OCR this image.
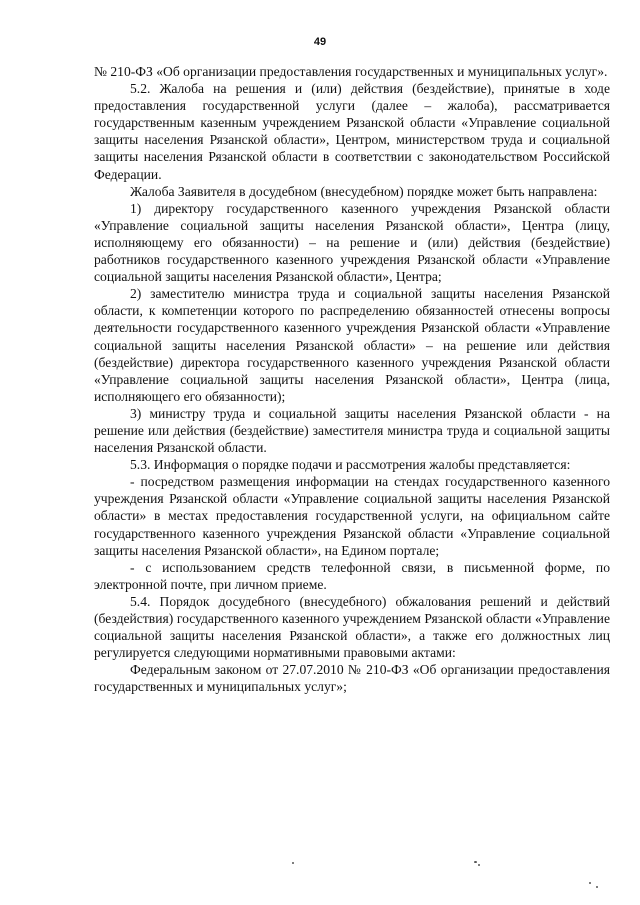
49

№ 210-ФЗ «Об организации предоставления государственных и муниципальных услуг».

5.2. Жалоба на решения и (или) действия (бездействие), принятые в ходе предоставления государственной услуги (далее – жалоба), рассматривается государственным казенным учреждением Рязанской области «Управление социальной защиты населения Рязанской области», Центром, министерством труда и социальной защиты населения Рязанской области в соответствии с законодательством Российской Федерации.

Жалоба Заявителя в досудебном (внесудебном) порядке может быть направлена:

1) директору государственного казенного учреждения Рязанской области «Управление социальной защиты населения Рязанской области», Центра (лицу, исполняющему его обязанности) – на решение и (или) действия (бездействие) работников государственного казенного учреждения Рязанской области «Управление социальной защиты населения Рязанской области», Центра;

2) заместителю министра труда и социальной защиты населения Рязанской области, к компетенции которого по распределению обязанностей отнесены вопросы деятельности государственного казенного учреждения Рязанской области «Управление социальной защиты населения Рязанской области» – на решение или действия (бездействие) директора государственного казенного учреждения Рязанской области «Управление социальной защиты населения Рязанской области», Центра (лица, исполняющего его обязанности);

3) министру труда и социальной защиты населения Рязанской области - на решение или действия (бездействие) заместителя министра труда и социальной защиты населения Рязанской области.

5.3. Информация о порядке подачи и рассмотрения жалобы представляется:

- посредством размещения информации на стендах государственного казенного учреждения Рязанской области «Управление социальной защиты населения Рязанской области» в местах предоставления государственной услуги, на официальном сайте государственного казенного учреждения Рязанской области «Управление социальной защиты населения Рязанской области», на Едином портале;

- с использованием средств телефонной связи, в письменной форме, по электронной почте, при личном приеме.

5.4. Порядок досудебного (внесудебного) обжалования решений и действий (бездействия) государственного казенного учреждением Рязанской области «Управление социальной защиты населения Рязанской области», а также его должностных лиц регулируется следующими нормативными правовыми актами:

Федеральным законом от 27.07.2010 № 210-ФЗ «Об организации предоставления государственных и муниципальных услуг»;
